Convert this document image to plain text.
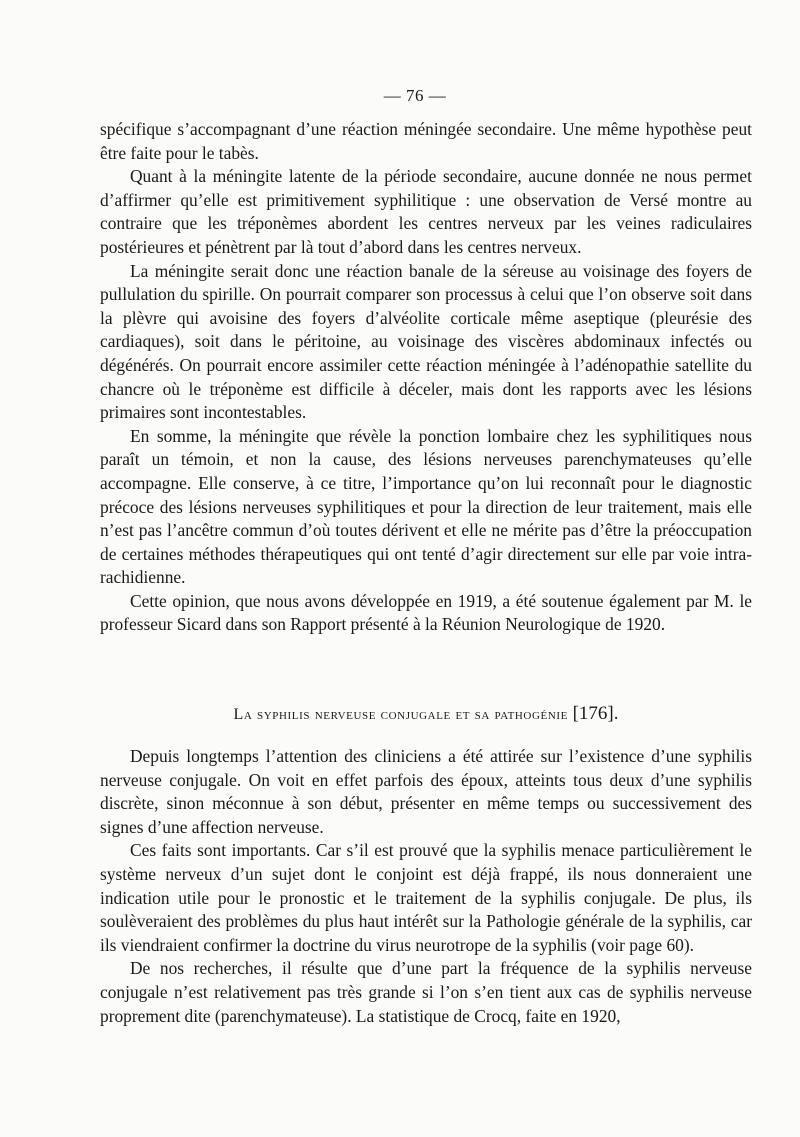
— 76 —

spécifique s’accompagnant d’une réaction méningée secondaire. Une même hypothèse peut être faite pour le tabès.

Quant à la méningite latente de la période secondaire, aucune donnée ne nous permet d’affirmer qu’elle est primitivement syphilitique : une observation de Versé montre au contraire que les tréponèmes abordent les centres nerveux par les veines radiculaires postérieures et pénètrent par là tout d’abord dans les centres nerveux.

La méningite serait donc une réaction banale de la séreuse au voisinage des foyers de pullulation du spirille. On pourrait comparer son processus à celui que l’on observe soit dans la plèvre qui avoisine des foyers d’alvéolite corticale même aseptique (pleurésie des cardiaques), soit dans le péritoine, au voisinage des viscères abdominaux infectés ou dégénérés. On pourrait encore assimiler cette réaction méningée à l’adénopathie satellite du chancre où le tréponème est difficile à déceler, mais dont les rapports avec les lésions primaires sont incontestables.

En somme, la méningite que révèle la ponction lombaire chez les syphilitiques nous paraît un témoin, et non la cause, des lésions nerveuses parenchymateuses qu’elle accompagne. Elle conserve, à ce titre, l’importance qu’on lui reconnaît pour le diagnostic précoce des lésions nerveuses syphilitiques et pour la direction de leur traitement, mais elle n’est pas l’ancêtre commun d’où toutes dérivent et elle ne mérite pas d’être la préoccupation de certaines méthodes thérapeutiques qui ont tenté d’agir directement sur elle par voie intra-rachidienne.

Cette opinion, que nous avons développée en 1919, a été soutenue également par M. le professeur Sicard dans son Rapport présenté à la Réunion Neurologique de 1920.

La syphilis nerveuse conjugale et sa pathogénie [176].

Depuis longtemps l’attention des cliniciens a été attirée sur l’existence d’une syphilis nerveuse conjugale. On voit en effet parfois des époux, atteints tous deux d’une syphilis discrète, sinon méconnue à son début, présenter en même temps ou successivement des signes d’une affection nerveuse.

Ces faits sont importants. Car s’il est prouvé que la syphilis menace particulièrement le système nerveux d’un sujet dont le conjoint est déjà frappé, ils nous donneraient une indication utile pour le pronostic et le traitement de la syphilis conjugale. De plus, ils soulèveraient des problèmes du plus haut intérêt sur la Pathologie générale de la syphilis, car ils viendraient confirmer la doctrine du virus neurotrope de la syphilis (voir page 60).

De nos recherches, il résulte que d’une part la fréquence de la syphilis nerveuse conjugale n’est relativement pas très grande si l’on s’en tient aux cas de syphilis nerveuse proprement dite (parenchymateuse). La statistique de Crocq, faite en 1920,
